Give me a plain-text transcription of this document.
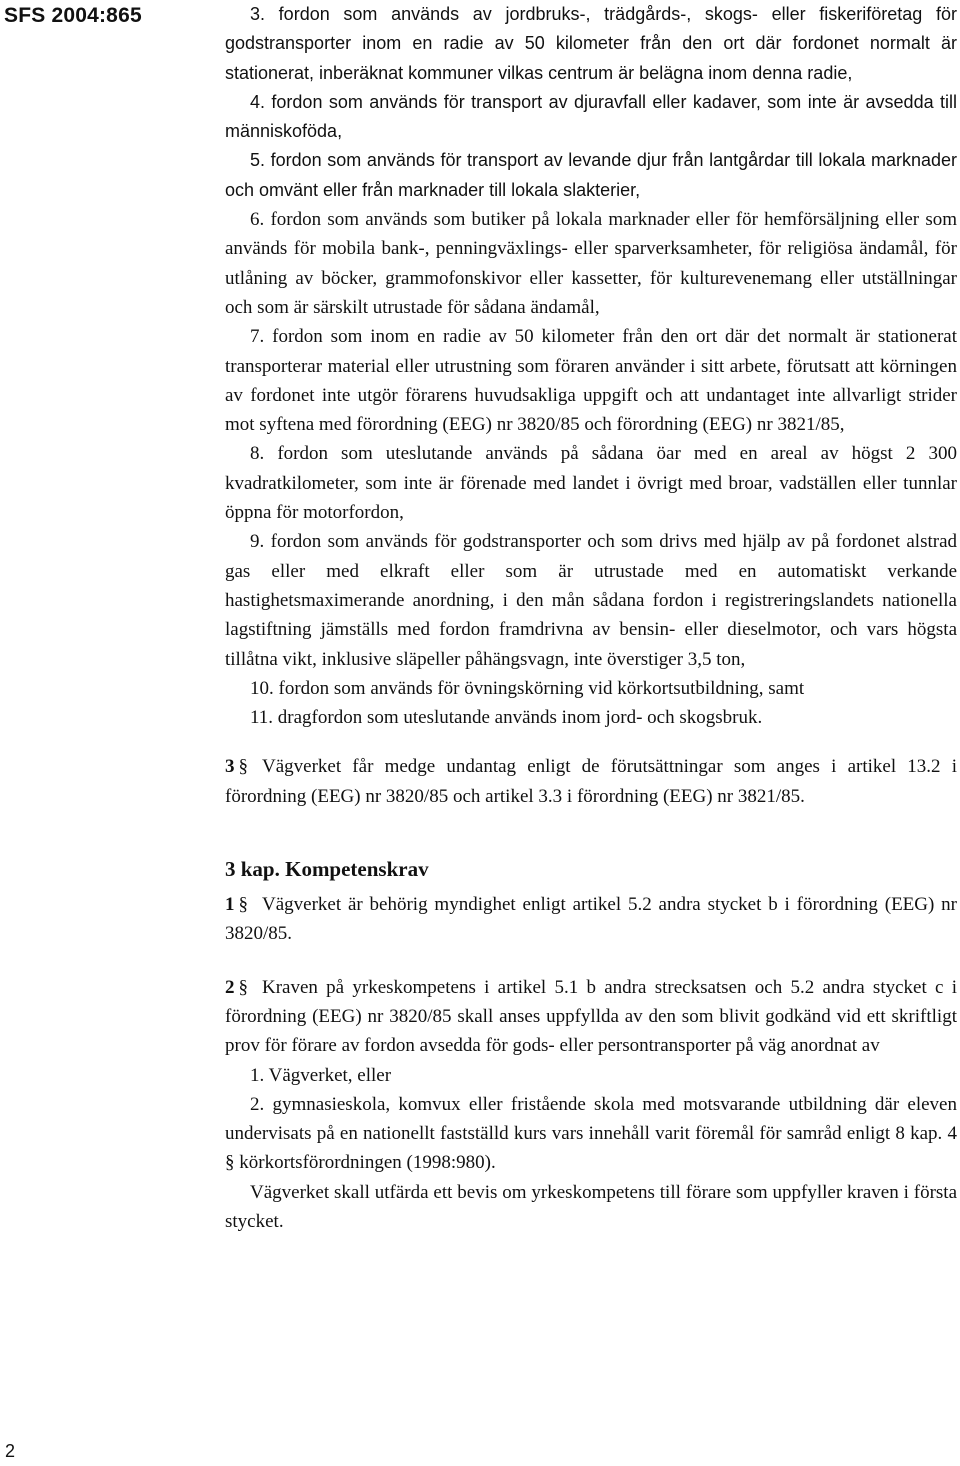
SFS 2004:865	3. fordon som används av jordbruks-, trädgårds-, skogs- eller fiskeriföretag för godstransporter inom en radie av 50 kilometer från den ort där fordonet normalt är stationerat, inberäknat kommuner vilkas centrum är belägna inom denna radie,

4. fordon som används för transport av djuravfall eller kadaver, som inte är avsedda till människoföda,

5. fordon som används för transport av levande djur från lantgårdar till lokala marknader och omvänt eller från marknader till lokala slakterier,

6. fordon som används som butiker på lokala marknader eller för hemförsäljning eller som används för mobila bank-, penningväxlings- eller sparverksamheter, för religiösa ändamål, för utlåning av böcker, grammofonskivor eller kassetter, för kulturevenemang eller utställningar och som är särskilt utrustade för sådana ändamål,

7. fordon som inom en radie av 50 kilometer från den ort där det normalt är stationerat transporterar material eller utrustning som föraren använder i sitt arbete, förutsatt att körningen av fordonet inte utgör förarens huvudsakliga uppgift och att undantaget inte allvarligt strider mot syftena med förordning (EEG) nr 3820/85 och förordning (EEG) nr 3821/85,

8. fordon som uteslutande används på sådana öar med en areal av högst 2 300 kvadratkilometer, som inte är förenade med landet i övrigt med broar, vadställen eller tunnlar öppna för motorfordon,

9. fordon som används för godstransporter och som drivs med hjälp av på fordonet alstrad gas eller med elkraft eller som är utrustade med en automatiskt verkande hastighetsmaximerande anordning, i den mån sådana fordon i registreringslandets nationella lagstiftning jämställs med fordon framdrivna av bensin- eller dieselmotor, och vars högsta tillåtna vikt, inklusive släpeller påhängsvagn, inte överstiger 3,5 ton,

10. fordon som används för övningskörning vid körkortsutbildning, samt

11. dragfordon som uteslutande används inom jord- och skogsbruk.

3 § Vägverket får medge undantag enligt de förutsättningar som anges i artikel 13.2 i förordning (EEG) nr 3820/85 och artikel 3.3 i förordning (EEG) nr 3821/85.

3 kap. Kompetenskrav

1 § Vägverket är behörig myndighet enligt artikel 5.2 andra stycket b i förordning (EEG) nr 3820/85.

2 § Kraven på yrkeskompetens i artikel 5.1 b andra strecksatsen och 5.2 andra stycket c i förordning (EEG) nr 3820/85 skall anses uppfyllda av den som blivit godkänd vid ett skriftligt prov för förare av fordon avsedda för gods- eller persontransporter på väg anordnat av

1. Vägverket, eller

2. gymnasieskola, komvux eller fristående skola med motsvarande utbildning där eleven undervisats på en nationellt fastställd kurs vars innehåll varit föremål för samråd enligt 8 kap. 4 § körkortsförordningen (1998:980).

Vägverket skall utfärda ett bevis om yrkeskompetens till förare som uppfyller kraven i första stycket.

2
